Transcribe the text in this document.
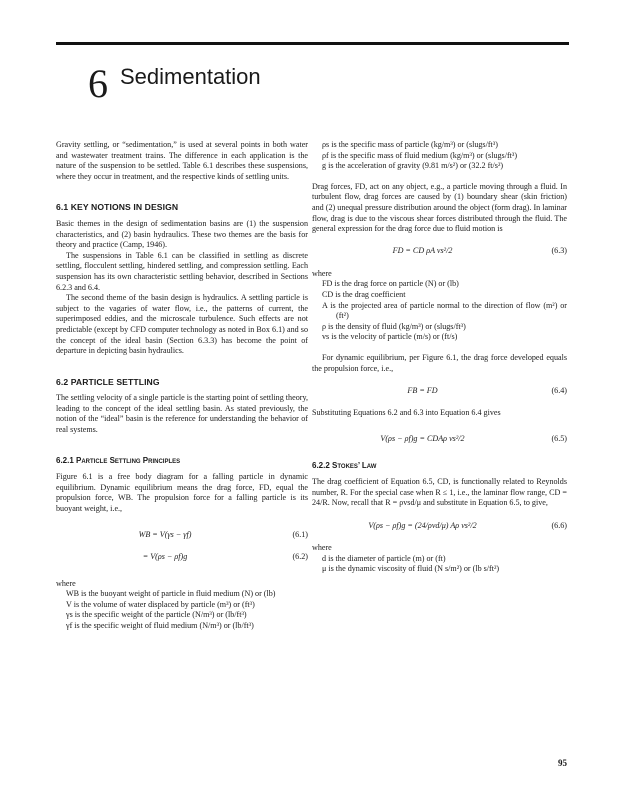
6 Sedimentation

Gravity settling, or “sedimentation,” is used at several points in both water and wastewater treatment trains. The difference in each application is the nature of the suspension to be settled. Table 6.1 describes these suspensions, where they occur in treatment, and the respective kinds of settling units.

6.1 KEY NOTIONS IN DESIGN

Basic themes in the design of sedimentation basins are (1) the suspension characteristics, and (2) basin hydraulics. These two themes are the basis for theory and practice (Camp, 1946).

The suspensions in Table 6.1 can be classified in settling as discrete settling, flocculent settling, hindered settling, and compression settling. Each suspension has its own characteristic settling behavior, described in Sections 6.2.3 and 6.4.

The second theme of the basin design is hydraulics. A settling particle is subject to the vagaries of water flow, i.e., the patterns of current, the superimposed eddies, and the microscale turbulence. Such effects are not predictable (except by CFD computer technology as noted in Box 6.1) and so the concept of the ideal basin (Section 6.3.3) has become the point of departure in depicting basin hydraulics.

6.2 PARTICLE SETTLING

The settling velocity of a single particle is the starting point of settling theory, leading to the concept of the ideal settling basin. As stated previously, the notion of the “ideal” basin is the reference for understanding the behavior of real systems.

6.2.1 Particle Settling Principles

Figure 6.1 is a free body diagram for a falling particle in dynamic equilibrium. Dynamic equilibrium means the drag force, FD, equal the propulsion force, WB. The propulsion force for a falling particle is its buoyant weight, i.e.,

WB = V(γs − γf)	(6.1)
= V(ρs − ρf)g	(6.2)

where

WB is the buoyant weight of particle in fluid medium (N) or (lb)

V is the volume of water displaced by particle (m³) or (ft³)

γs is the specific weight of the particle (N/m³) or (lb/ft³)

γf is the specific weight of fluid medium (N/m³) or (lb/ft³)

ρs is the specific mass of particle (kg/m³) or (slugs/ft³)

ρf is the specific mass of fluid medium (kg/m³) or (slugs/ft³)

g is the acceleration of gravity (9.81 m/s²) or (32.2 ft/s²)

Drag forces, FD, act on any object, e.g., a particle moving through a fluid. In turbulent flow, drag forces are caused by (1) boundary shear (skin friction) and (2) unequal pressure distribution around the object (form drag). In laminar flow, drag is due to the viscous shear forces distributed through the fluid. The general expression for the drag force due to fluid motion is

FD = CD ρA vs²/2	(6.3)

where

FD is the drag force on particle (N) or (lb)

CD is the drag coefficient

A is the projected area of particle normal to the direction of flow (m²) or (ft²)

ρ is the density of fluid (kg/m³) or (slugs/ft³)

vs is the velocity of particle (m/s) or (ft/s)

For dynamic equilibrium, per Figure 6.1, the drag force developed equals the propulsion force, i.e.,

FB = FD	(6.4)

Substituting Equations 6.2 and 6.3 into Equation 6.4 gives

V(ρs − ρf)g = CDAρ vs²/2	(6.5)
6.2.2 Stokes’ Law

The drag coefficient of Equation 6.5, CD, is functionally related to Reynolds number, R. For the special case when R ≤ 1, i.e., the laminar flow range, CD = 24/R. Now, recall that R = ρvsd/μ and substitute in Equation 6.5, to give,

V(ρs − ρf)g = (24/ρvd/μ) Aρ vs²/2	(6.6)

where

d is the diameter of particle (m) or (ft)

μ is the dynamic viscosity of fluid (N s/m²) or (lb s/ft²)

95
